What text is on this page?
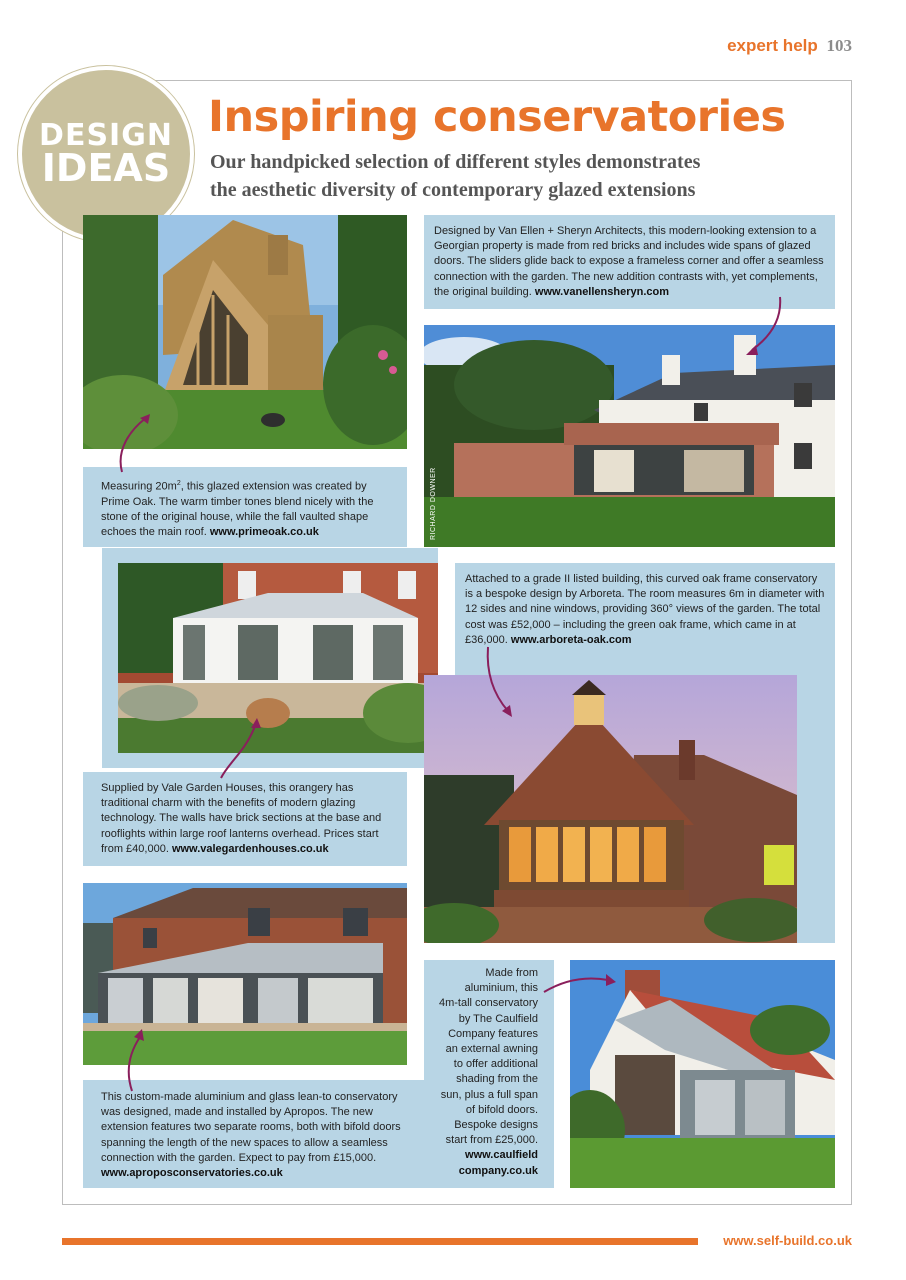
expert help 103
DESIGN
IDEAS
Inspiring conservatories
Our handpicked selection of different styles demonstrates
the aesthetic diversity of contemporary glazed extensions
Designed by Van Ellen + Sheryn Architects, this modern-looking extension to a Georgian property is made from red bricks and includes wide spans of glazed doors. The sliders glide back to expose a frameless corner and offer a seamless connection with the garden. The new addition contrasts with, yet complements, the original building. www.vanellensheryn.com
RICHARD DOWNER
Measuring $20m^2$, this glazed extension was created by Prime Oak. The warm timber tones blend nicely with the stone of the original house, while the fall vaulted shape echoes the main roof. www.primeoak.co.uk
Attached to a grade II listed building, this curved oak frame conservatory is a bespoke design by Arboreta. The room measures 6m in diameter with 12 sides and nine windows, providing 360° views of the garden. The total cost was £52,000 – including the green oak frame, which came in at £36,000. www.arboreta-oak.com
Supplied by Vale Garden Houses, this orangery has traditional charm with the benefits of modern glazing technology. The walls have brick sections at the base and rooflights within large roof lanterns overhead. Prices start from £40,000. www.valegardenhouses.co.uk
This custom-made aluminium and glass lean-to conservatory was designed, made and installed by Apropos. The new extension features two separate rooms, both with bifold doors spanning the length of the new spaces to allow a seamless connection with the garden. Expect to pay from £15,000. www.aproposconservatories.co.uk
Made from
aluminium, this
4m-tall conservatory
by The Caulfield
Company features
an external awning
to offer additional
shading from the
sun, plus a full span
of bifold doors.
Bespoke designs
start from £25,000.
www.caulfield
company.co.uk
www.self-build.co.uk
